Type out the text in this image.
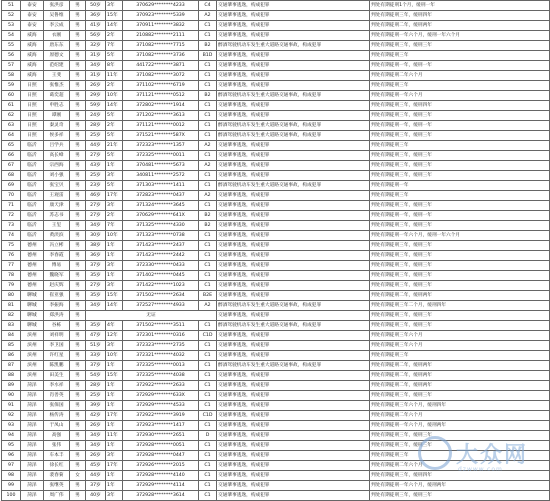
51	泰安	张洪彦	男	50岁	3年	370629********4233	C4	交通肇事逃逸，构成犯罪	判处有期徒刑1个月，缓刑一年
52	泰安	吴鲁维	男	36岁	15年	370923********5339	A2	交通肇事逃逸，构成犯罪	判处有期徒刑三年，缓刑四年
53	泰安	李云成	男	41岁	14年	370911********3832	C1	交通肇事逃逸，构成犯罪	判处有期徒刑二年，缓刑两年
54	威海	衣刚	男	56岁	2年	210882********2111	C1	交通肇事逃逸，构成犯罪	判处有期徒刑一年六个月，缓刑一年六个月
55	威海	唐东东	男	32岁	7年	371082********7715	B2	醉酒驾驶机动车发生重大道路交通事故，构成犯罪	判处有期徒刑三年，缓刑三年
56	威海	原德文	男	31岁	5年	371082********3736	B1D	交通肇事逃逸，构成犯罪	判处有期徒刑三年
57	威海	范绍建	男	34岁	8年	441722********3871	C1	交通肇事逃逸，构成犯罪	判处有期徒刑一年，缓刑一年
58	威海	王斐	男	31岁	11年	371082********3072	C1	交通肇事逃逸，构成犯罪	判处有期徒刑二年六个月
59	日照	张惟杰	男	26岁	2年	371102********6719	C1	交通肇事逃逸，构成犯罪	判处有期徒刑三年
60	日照	葛奕超	男	29岁	10年	371121********0512	B2	醉酒驾驶机动车发生重大道路交通事故，构成犯罪	判处有期徒刑一年六个月
61	日照	申胜志	男	59岁	14年	372802********1914	C1	交通肇事逃逸，构成犯罪	判处有期徒刑三年，缓刑四年
62	日照	谭刚	男	24岁	5年	371202********3613	C1	交通肇事逃逸，构成犯罪	判处有期徒刑三年，缓刑三年
63	日照	秦灵奇	男	28岁	2年	371121********0012	C1	醉酒驾驶机动车发生重大道路交通事故，构成犯罪	判处有期徒刑一年，缓刑一年
64	日照	侯多祥	男	25岁	5年	371521********587X	C1	醉酒驾驶机动车发生重大道路交通事故，构成犯罪	判处有期徒刑三年，缓刑三年
65	临沂	吕学兵	男	44岁	21年	372323********1357	A2	交通肇事逃逸，构成犯罪	判处有期徒刑三年
66	临沂	高长峰	男	27岁	5年	372325********0011	C1	交通肇事逃逸，构成犯罪	判处有期徒刑三年，缓刑三年
67	临沂	宗西海	男	43岁	1年	370481********5673	A2	交通肇事逃逸，构成犯罪	判处有期徒刑三年，缓刑三年
68	临沂	刘小强	男	25岁	3年	340811********2572	C1	交通肇事逃逸，构成犯罪	判处有期徒刑三年，缓刑三年
69	临沂	张宝贝	男	23岁	5年	371303********1411	C1	醉酒驾驶机动车发生重大道路交通事故，构成犯罪	判处有期徒刑一年
70	临沂	王观雷	男	46岁	17年	372823********0437	A2	交通肇事逃逸，构成犯罪	判处有期徒刑三年
71	临沂	康天津	男	27岁	3年	371324********3645	C1	交通肇事逃逸，构成犯罪	判处有期徒刑三年，缓刑三年
72	临沂	苏志书	男	27岁	2年	370629********641X	B2	交通肇事逃逸，构成犯罪	判处有期徒刑一年，缓刑一年
73	临沂	王玺	男	34岁	7年	371325********4330	B2	交通肇事逃逸，构成犯罪	判处有期徒刑三年，缓刑三年
74	临沂	黄淡滨	男	30岁	10年	371323********0738	C1	交通肇事逃逸，构成犯罪	判处有期徒刑一年六个月，缓刑一年六个月
75	德州	冯立彬	男	38岁	1年	371423********2437	C1	交通肇事逃逸，构成犯罪	判处有期徒刑三年，缓刑三年
76	德州	李春霞	男	36岁	1年	371423********2442	C1	交通肇事逃逸，构成犯罪	判处有期徒刑三年，缓刑三年
77	德州	傅易	男	37岁	3年	372330********0433	C1	交通肇事逃逸，构成犯罪	判处有期徒刑三年，缓刑三年
78	德州	魏晓军	男	35岁	1年	371402********0445	C1	交通肇事逃逸，构成犯罪	判处有期徒刑三年，缓刑三年
79	德州	赵庆辉	男	27岁	3年	371422********1023	C1	交通肇事逃逸，构成犯罪	判处有期徒刑三年，缓刑三年
80	聊城	崔亚强	男	35岁	15年	371502********2634	B2E	交通肇事逃逸，构成犯罪	判处有期徒刑二年，缓刑两年
81	聊城	李振海	男	34岁	14年	372527********4933	A2	醉酒驾驶机动车发生重大道路交通事故，构成犯罪	判处有期徒刑三年二个月，缓刑四年
82	聊城	郑洪涛	男	无证				交通肇事逃逸，构成犯罪	判处有期徒刑三年，缓刑三年
83	聊城	谷栋	男	35岁	4年	371502********3511	C1	醉酒驾驶机动车发生重大道路交通事故，构成犯罪	判处有期徒刑三年，缓刑三年
84	滨州	刘祥明	男	47岁	12年	372301********0316	C1D	交通肇事逃逸，构成犯罪	判处有期徒刑三年六个月
85	滨州	李卫国	男	51岁	3年	372323********2735	C1	交通肇事逃逸，构成犯罪	判处有期徒刑三年六个月
86	滨州	许红星	男	33岁	10年	372321********4032	C1	交通肇事逃逸，构成犯罪	判处有期徒刑三年
87	滨州	陈凯鹏	男	37岁	1年	372325********0013	C1	醉酒驾驶机动车发生重大道路交通事故，构成犯罪	判处有期徒刑二年，缓刑两年
88	滨州	田美生	男	54岁	15年	372325********4038	C1	交通肇事逃逸，构成犯罪	判处有期徒刑二年，缓刑两年
89	菏泽	李水祥	男	28岁	1年	372922********2633	C1	交通肇事逃逸，构成犯罪	判处有期徒刑二年，缓刑两年
90	菏泽	肖善英	男	25岁	1年	372929********633X	C1	交通肇事逃逸，构成犯罪	判处有期徒刑三年，缓刑三年
91	菏泽	张保国	男	39岁	1年	372929********4533	C1	交通肇事逃逸，构成犯罪	判处有期徒刑三年六个月，缓刑四年
92	菏泽	杨传涛	男	42岁	17年	372922********3919	C1D	交通肇事逃逸，构成犯罪	判处有期徒刑二年六个月
93	菏泽	于凤山	男	26岁	1年	372923********1417	C1	交通肇事逃逸，构成犯罪	判处有期徒刑一年六个月，缓刑两年
94	菏泽	高强	男	34岁	11年	372930********2651	D	交通肇事逃逸，构成犯罪	判处有期徒刑三年，缓刑三年
95	菏泽	张伟	男	34岁	1年	372928********0051	C1	交通肇事逃逸，构成犯罪	判处有期徒刑三年，缓刑三年
96	菏泽	车本丰	男	26岁	3年	372928********0447	C1	交通肇事逃逸，构成犯罪	判处有期徒刑三年
97	菏泽	徐长红	男	45岁	17年	372926********2015	C1	交通肇事逃逸，构成犯罪	判处有期徒刑二年六个月
98	菏泽	裴春菊	女	44岁	1年	372928********4140	C1	交通肇事逃逸，构成犯罪	判处有期徒刑三年，缓刑四年
99	菏泽	张继英	男	37岁	1年	372929********4114	C1	交通肇事逃逸，构成犯罪	判处有期徒刑一年六个月，缓刑两年
100	菏泽	周广伟	男	40岁	3年	372928********3614	C1	交通肇事逃逸，构成犯罪	判处有期徒刑三年，缓刑三年
大众网
dzwww.com
